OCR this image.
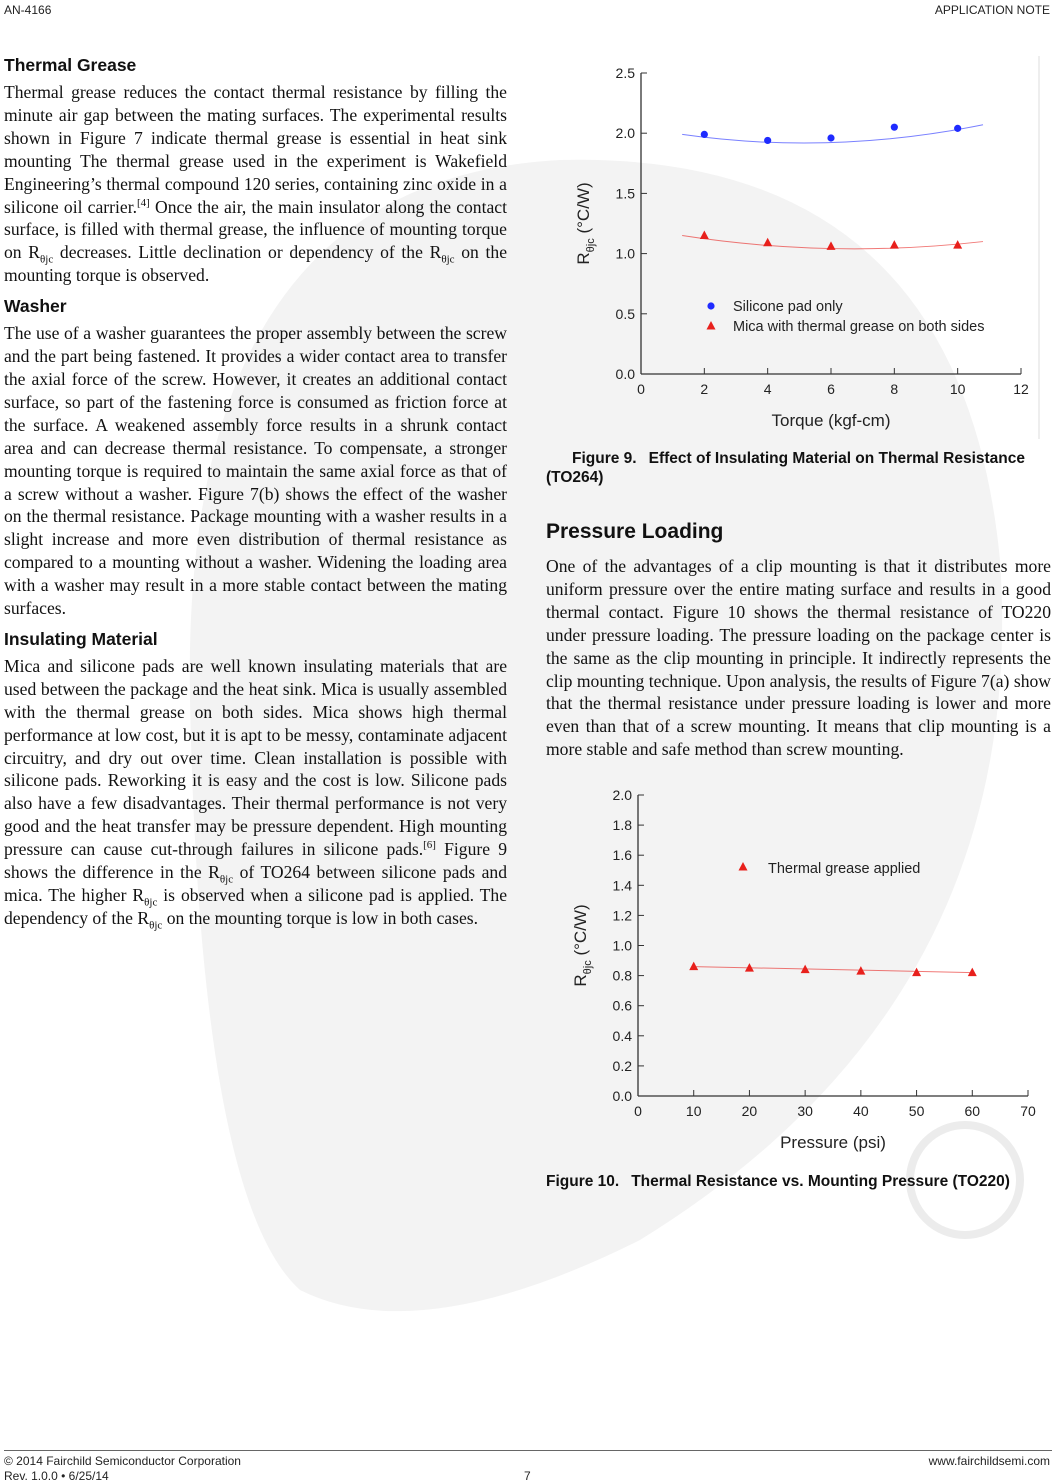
AN-4166	APPLICATION NOTE
Thermal Grease

Thermal grease reduces the contact thermal resistance by filling the minute air gap between the mating surfaces. The experimental results shown in Figure 7 indicate thermal grease is essential in heat sink mounting The thermal grease used in the experiment is Wakefield Engineering’s thermal compound 120 series, containing zinc oxide in a silicone oil carrier.[4] Once the air, the main insulator along the contact surface, is filled with thermal grease, the influence of mounting torque on $R_{\theta jc}$ decreases. Little declination or dependency of the $R_{\theta jc}$ on the mounting torque is observed.

Washer

The use of a washer guarantees the proper assembly between the screw and the part being fastened. It provides a wider contact area to transfer the axial force of the screw. However, it creates an additional contact surface, so part of the fastening force is consumed as friction force at the surface. A weakened assembly force results in a shrunk contact area and can decrease thermal resistance. To compensate, a stronger mounting torque is required to maintain the same axial force as that of a screw without a washer. Figure 7(b) shows the effect of the washer on the thermal resistance. Package mounting with a washer results in a slight increase and more even distribution of thermal resistance as compared to a mounting without a washer. Widening the loading area with a washer may result in a more stable contact between the mating surfaces.

Insulating Material

Mica and silicone pads are well known insulating materials that are used between the package and the heat sink. Mica is usually assembled with the thermal grease on both sides. Mica shows high thermal performance at low cost, but it is apt to be messy, contaminate adjacent circuitry, and dry out over time. Clean installation is possible with silicone pads. Reworking it is easy and the cost is low. Silicone pads also have a few disadvantages. Their thermal performance is not very good and the heat transfer may be pressure dependent. High mounting pressure can cause cut-through failures in silicone pads.[6] Figure 9 shows the difference in the $R_{\theta jc}$ of TO264 between silicone pads and mica. The higher $R_{\theta jc}$ is observed when a silicone pad is applied. The dependency of the $R_{\theta jc}$ on the mounting torque is low in both cases.

0.0
0.5
1.0
1.5
2.0
2.5
0	2	4	6	8	10	12
Torque (kgf-cm)
$R_{\theta jc}$ (°C/W)
Silicone pad only
Mica with thermal grease on both sides

Figure 9. Effect of Insulating Material on Thermal Resistance (TO264)

Pressure Loading

One of the advantages of a clip mounting is that it distributes more uniform pressure over the entire mating surface and results in a good thermal contact. Figure 10 shows the thermal resistance of TO220 under pressure loading. The pressure loading on the package center is the same as the clip mounting in principle. It indirectly represents the clip mounting technique. Upon analysis, the results of Figure 7(a) show that the thermal resistance under pressure loading is lower and more even than that of a screw mounting. It means that clip mounting is a more stable and safe method than screw mounting.

0.0
0.2
0.4
0.6
0.8
1.0
1.2
1.4
1.6
1.8
2.0
0	10	20	30	40	50	60	70
Pressure (psi)
$R_{\theta jc}$ (°C/W)
Thermal grease applied

Figure 10. Thermal Resistance vs. Mounting Pressure (TO220)

© 2014 Fairchild Semiconductor Corporation
Rev. 1.0.0 • 6/25/14	7
www.fairchildsemi.com
